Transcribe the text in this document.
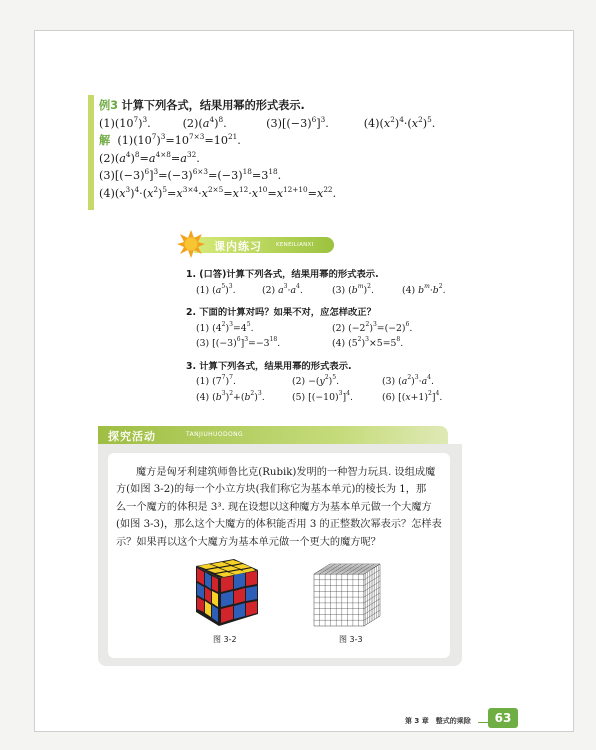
例3 计算下列各式，结果用幂的形式表示.
$(1)(10^7)^3$.	$(2)(a^4)^8$.	$(3)[(-3)^6]^3$.	$(4)(x^2)^4\cdot(x^2)^5$.
解 $(1)(10^7)^3=10^{7\times 3}=10^{21}$.
$(2)(a^4)^8=a^{4\times 8}=a^{32}$.
$(3)[(-3)^6]^3=(-3)^{6\times 3}=(-3)^{18}=3^{18}$.
$(4)(x^3)^4\cdot(x^2)^5=x^{3\times 4}\cdot x^{2\times 5}=x^{12}\cdot x^{10}=x^{12+10}=x^{22}$.
课内练习	KENEILIANXI
1. (口答)计算下列各式，结果用幂的形式表示.
(1) $(a^5)^3$.	(2) $a^3\cdot a^4$.	(3) $(b^m)^2$.	(4) $b^m\cdot b^2$.
2. 下面的计算对吗？如果不对，应怎样改正？
(1) $(4^2)^3=4^5$.	(2) $(-2^2)^3=(-2)^6$.
(3) $[(-3)^6]^3=-3^{18}$.	(4) $(5^2)^3\times 5=5^8$.
3. 计算下列各式，结果用幂的形式表示.
(1) $(7^7)^7$.	$(2) -(y^2)^5$.	(3) $(a^2)^3\cdot a^4$.
(4) $(b^3)^2+(b^2)^3$.	(5) $[(-10)^3]^4$.	(6) $[(x+1)^2]^4$.
探究活动	TANJIUHUODONG
魔方是匈牙利建筑师鲁比克(Rubik)发明的一种智力玩具. 设组成魔
方(如图 3-2)的每一个小立方块(我们称它为基本单元)的棱长为 1，那
么一个魔方的体积是 3³. 现在设想以这种魔方为基本单元做一个大魔方
(如图 3-3)，那么这个大魔方的体积能否用 3 的正整数次幂表示？怎样表
示？如果再以这个大魔方为基本单元做一个更大的魔方呢？
图 3-2	图 3-3
第 3 章　整式的乘除	63
